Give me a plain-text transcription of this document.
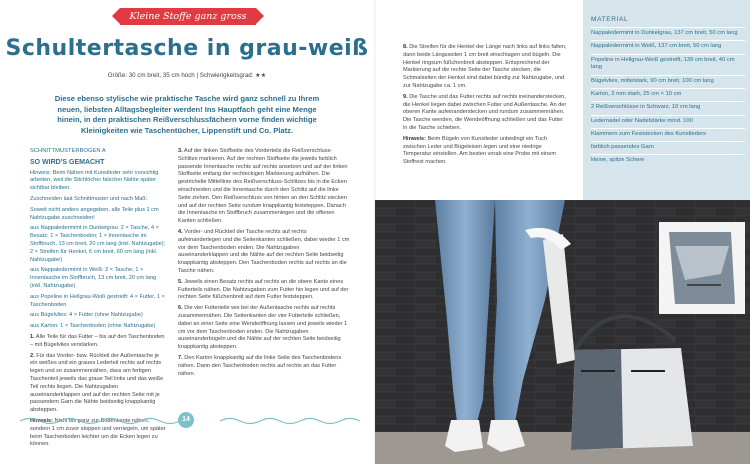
Kleine Stoffe ganz gross
Schultertasche in grau-weiß
Größe: 30 cm breit, 35 cm hoch | Schwierigkeitsgrad: ★★
Diese ebenso stylische wie praktische Tasche wird ganz schnell zu Ihrem neuen, liebsten Alltagsbegleiter werden! Ins Hauptfach geht eine Menge hinein, in den praktischen Reißverschlussfächern vorne finden wichtige Kleinigkeiten wie Taschentücher, Lippenstift und Co. Platz.

SCHNITTMUSTERBOGEN A

SO WIRD'S GEMACHT

Hinweis: Beim Nähen mit Kunstleder sehr vorsichtig arbeiten, weil die Stichlöcher falscher Nähte später sichtbar bleiben.

Zuschneiden laut Schnittmuster und nach Maß:

Soweit nicht anders angegeben, alle Teile plus 1 cm Nahtzugabe zuschneiden!

aus Nappaledermimt in Dunkelgrau: 2 × Tasche, 4 × Besatz; 1 × Taschenboden; 1 × Innentasche im Stoffbruch, 13 cm breit, 20 cm lang (inkl. Nahtzugabe); 2 × Streifen für Henkel, 6 cm breit, 60 cm lang (inkl. Nahtzugabe)

aus Nappaledermimt in Weiß: 2 × Tasche; 1 × Innentasche im Stoffbruch, 13 cm breit, 20 cm lang (inkl. Nahtzugabe)

aus Popeline in Hellgrau-Weiß gestreift: 4 × Futter, 1 × Taschenboden

aus Bügelvlies: 4 × Futter (ohne Nahtzugabe)

aus Karton: 1 × Taschenboden (ohne Nahtzugabe)

1. Alle Teile für das Futter – bis auf den Taschenboden – mit Bügelvlies verstärken.

2. Für das Vorder- bzw. Rückteil der Außentasche je ein weißes und ein graues Lederteil rechts auf rechts legen und so zusammennähen, dass am fertigen Taschenteil jeweils das graue Teil links und das weiße Teil rechts liegen. Die Nahtzugaben auseinanderklappen und auf der rechten Seite mit je passendem Garn die Nähte beidseitig knappkantig absteppen.

Hinweis: Nicht bis ganz zur Bodenkante nähen, sondern 1 cm zuvor stoppen und verriegeln, um später beim Taschenboden leichter um die Ecken legen zu können.

3. Auf der linken Stoffseite des Vorderteils die Reißverschluss-Schlitze markieren. Auf der rechten Stoffseite die jeweils farblich passende Innentasche rechts auf rechts ansetzen und auf der linken Stoffseite entlang der rechteckigen Markierung aufnähen. Die gestrichelte Mittellinie des Reißverschluss-Schlitzes bis in die Ecken einschneiden und die Innentasche durch den Schlitz auf die linke Seite ziehen. Den Reißverschluss von hinten an den Schlitz stecken und auf der rechten Seite rundum knappkantig feststeppen. Danach die Innentasche im Stoffbruch zusammenlegen und die offenen Kanten schließen.

4. Vorder- und Rückteil der Tasche rechts auf rechts aufeinanderlegen und die Seitenkanten schließen, dabei wieder 1 cm vor dem Taschenboden enden. Die Nahtzugaben auseinanderklappen und die Nähte auf der rechten Seite beidseitig knappkantig absteppen. Den Taschenboden rechts auf rechts an die Tasche nähen.

5. Jeweils einen Besatz rechts auf rechts an die obere Kante eines Futterteils nähen. Die Nahtzugaben zum Futter hin legen und auf der rechten Seite füßchenbreit auf dem Futter feststeppen.

6. Die vier Futterteile wie bei der Außentasche rechts auf rechts zusammennähen. Die Seitenkanten der vier Futterteile schließen, dabei an einer Seite eine Wendeöffnung lassen und jeweils wieder 1 cm vor dem Taschenboden enden. Die Nahtzugaben auseinanderbügeln und die Nähte auf der rechten Seite beidseitig knappkantig absteppen.

7. Den Karton knappkantig auf die linke Seite des Taschenbodens nähen. Dann den Taschenboden rechts auf rechts an das Futter nähen.

14

8. Die Streifen für die Henkel der Länge nach links auf links falten, dann beide Längsseiten 1 cm breit einschlagen und bügeln. Die Henkel ringsum füßchenbreit absteppen. Entsprechend der Markierung auf die rechte Seite der Tasche stecken, die Schmalseiten der Henkel sind dabei bündig zur Nahtzugabe, und zur Nahtzugabe ca. 1 cm.

9. Die Tasche und das Futter rechts auf rechts ineinanderstecken, die Henkel liegen dabei zwischen Futter und Außentasche. An der oberen Kante aufeinanderstecken und rundum zusammennähen. Die Tasche wenden, die Wendeöffnung schließen und das Futter in die Tasche schieben.

Hinweis: Beim Bügeln von Kunstleder unbedingt ein Tuch zwischen Leder und Bügeleisen legen und eine niedrige Temperatur einstellen. Am besten vorab eine Probe mit einem Stoffrest machen.

MATERIAL
Nappaledermimt in Dunkelgrau, 137 cm breit, 50 cm lang
Nappaledermimt in Weiß, 137 cm breit, 50 cm lang
Popeline in Hellgrau-Weiß gestreift, 139 cm breit, 40 cm lang
Bügelvlies, mittelstark, 90 cm breit, 100 cm lang
Karton, 2 mm stark, 25 cm × 10 cm
2 Reißverschlüsse in Schwarz, 10 cm lang
Ledernadel oder Nadelstärke mind. 100
Klammern zum Feststecken des Kunstleders
farblich passendes Garn
kleine, spitze Schere
